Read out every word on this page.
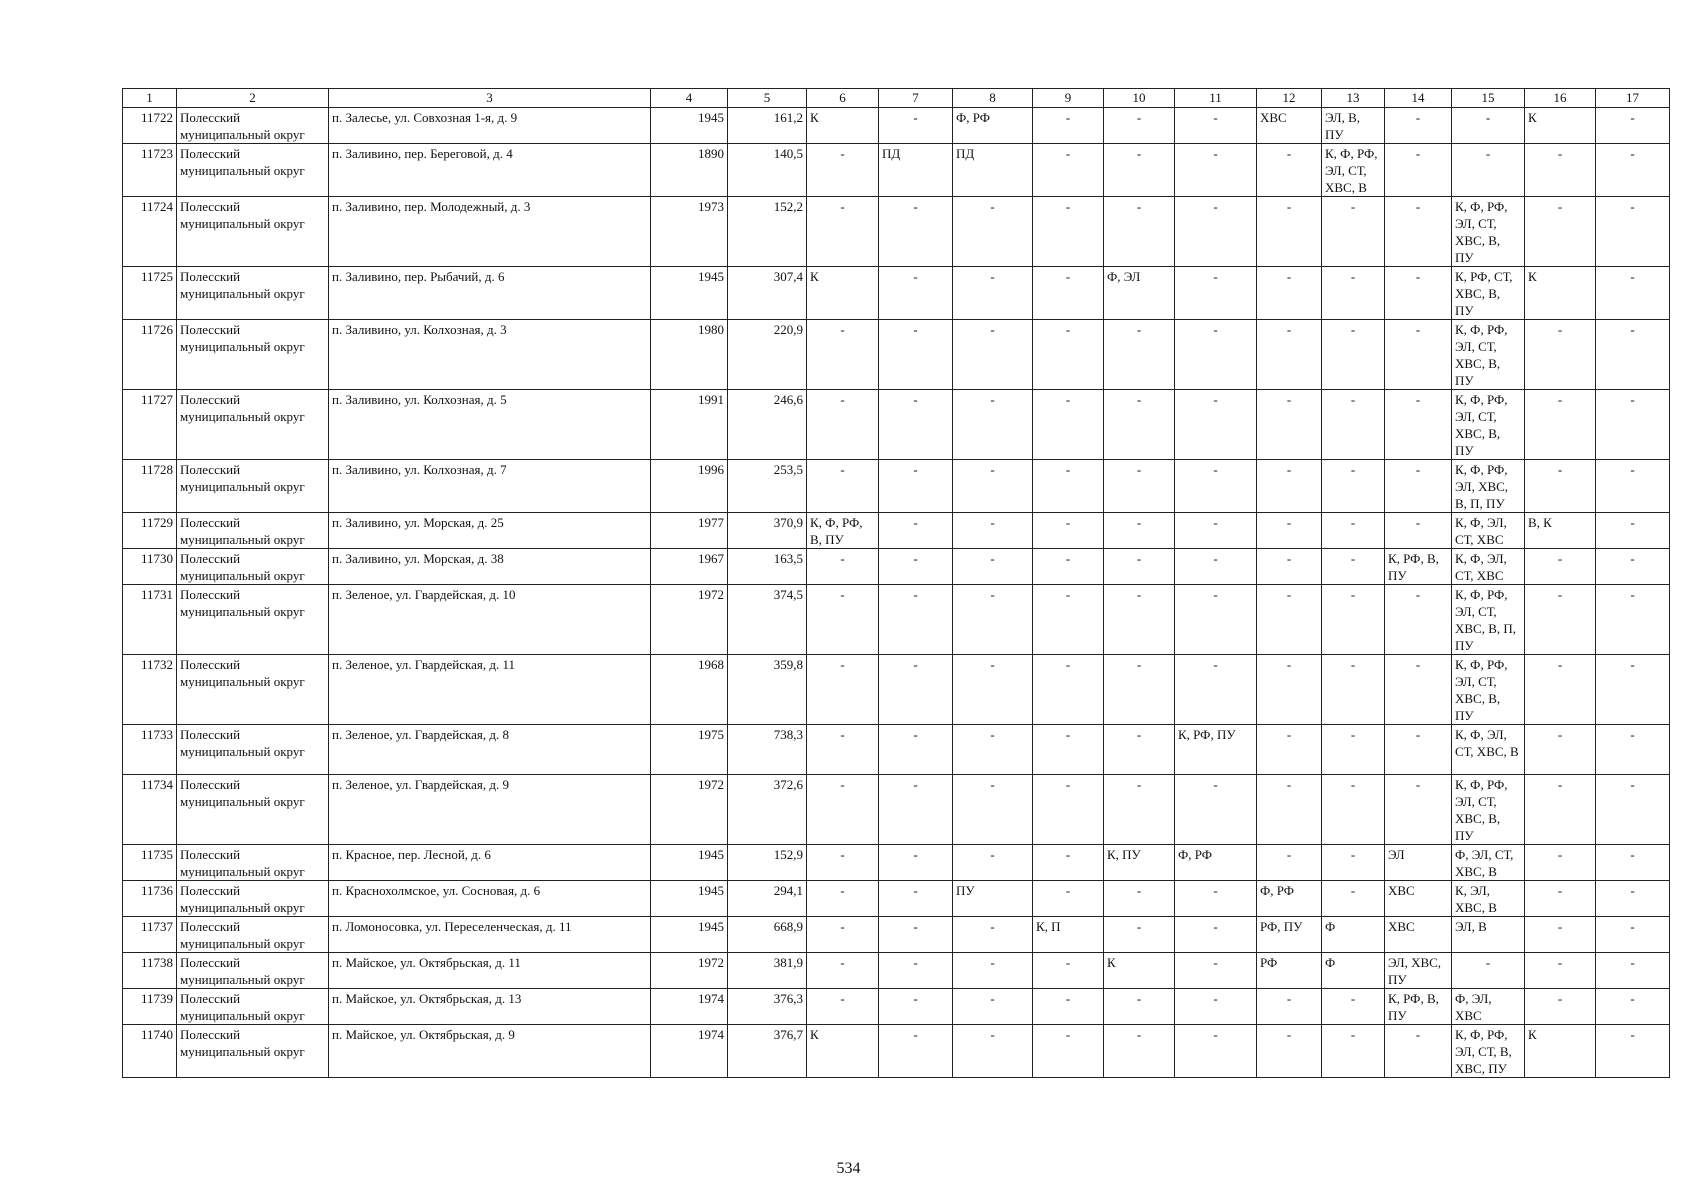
1	2	3	4	5	6	7	8	9	10	11	12	13	14	15	16	17
11722	Полесский муниципальный округ	п. Залесье, ул. Совхозная 1-я, д. 9	1945	161,2	К	-	Ф, РФ	-	-	-	ХВС	ЭЛ, В, ПУ	-	-	К	-
11723	Полесский муниципальный округ	п. Заливино, пер. Береговой, д. 4	1890	140,5	-	ПД	ПД	-	-	-	-	К, Ф, РФ, ЭЛ, СТ, ХВС, В	-	-	-	-
11724	Полесский муниципальный округ	п. Заливино, пер. Молодежный, д. 3	1973	152,2	-	-	-	-	-	-	-	-	-	К, Ф, РФ, ЭЛ, СТ, ХВС, В, ПУ	-	-
11725	Полесский муниципальный округ	п. Заливино, пер. Рыбачий, д. 6	1945	307,4	К	-	-	-	Ф, ЭЛ	-	-	-	-	К, РФ, СТ, ХВС, В, ПУ	К	-
11726	Полесский муниципальный округ	п. Заливино, ул. Колхозная, д. 3	1980	220,9	-	-	-	-	-	-	-	-	-	К, Ф, РФ, ЭЛ, СТ, ХВС, В, ПУ	-	-
11727	Полесский муниципальный округ	п. Заливино, ул. Колхозная, д. 5	1991	246,6	-	-	-	-	-	-	-	-	-	К, Ф, РФ, ЭЛ, СТ, ХВС, В, ПУ	-	-
11728	Полесский муниципальный округ	п. Заливино, ул. Колхозная, д. 7	1996	253,5	-	-	-	-	-	-	-	-	-	К, Ф, РФ, ЭЛ, ХВС, В, П, ПУ	-	-
11729	Полесский муниципальный округ	п. Заливино, ул. Морская, д. 25	1977	370,9	К, Ф, РФ, В, ПУ	-	-	-	-	-	-	-	-	К, Ф, ЭЛ, СТ, ХВС	В, К	-
11730	Полесский муниципальный округ	п. Заливино, ул. Морская, д. 38	1967	163,5	-	-	-	-	-	-	-	-	К, РФ, В, ПУ	К, Ф, ЭЛ, СТ, ХВС	-	-
11731	Полесский муниципальный округ	п. Зеленое, ул. Гвардейская, д. 10	1972	374,5	-	-	-	-	-	-	-	-	-	К, Ф, РФ, ЭЛ, СТ, ХВС, В, П, ПУ	-	-
11732	Полесский муниципальный округ	п. Зеленое, ул. Гвардейская, д. 11	1968	359,8	-	-	-	-	-	-	-	-	-	К, Ф, РФ, ЭЛ, СТ, ХВС, В, ПУ	-	-
11733	Полесский муниципальный округ	п. Зеленое, ул. Гвардейская, д. 8	1975	738,3	-	-	-	-	-	К, РФ, ПУ	-	-	-	К, Ф, ЭЛ, СТ, ХВС, В	-	-
11734	Полесский муниципальный округ	п. Зеленое, ул. Гвардейская, д. 9	1972	372,6	-	-	-	-	-	-	-	-	-	К, Ф, РФ, ЭЛ, СТ, ХВС, В, ПУ	-	-
11735	Полесский муниципальный округ	п. Красное, пер. Лесной, д. 6	1945	152,9	-	-	-	-	К, ПУ	Ф, РФ	-	-	ЭЛ	Ф, ЭЛ, СТ, ХВС, В	-	-
11736	Полесский муниципальный округ	п. Краснохолмское, ул. Сосновая, д. 6	1945	294,1	-	-	ПУ	-	-	-	Ф, РФ	-	ХВС	К, ЭЛ, ХВС, В	-	-
11737	Полесский муниципальный округ	п. Ломоносовка, ул. Переселенческая, д. 11	1945	668,9	-	-	-	К, П	-	-	РФ, ПУ	Ф	ХВС	ЭЛ, В	-	-
11738	Полесский муниципальный округ	п. Майское, ул. Октябрьская, д. 11	1972	381,9	-	-	-	-	К	-	РФ	Ф	ЭЛ, ХВС, ПУ	-	-	-
11739	Полесский муниципальный округ	п. Майское, ул. Октябрьская, д. 13	1974	376,3	-	-	-	-	-	-	-	-	К, РФ, В, ПУ	Ф, ЭЛ, ХВС	-	-
11740	Полесский муниципальный округ	п. Майское, ул. Октябрьская, д. 9	1974	376,7	К	-	-	-	-	-	-	-	-	К, Ф, РФ, ЭЛ, СТ, В, ХВС, ПУ	К	-
534
